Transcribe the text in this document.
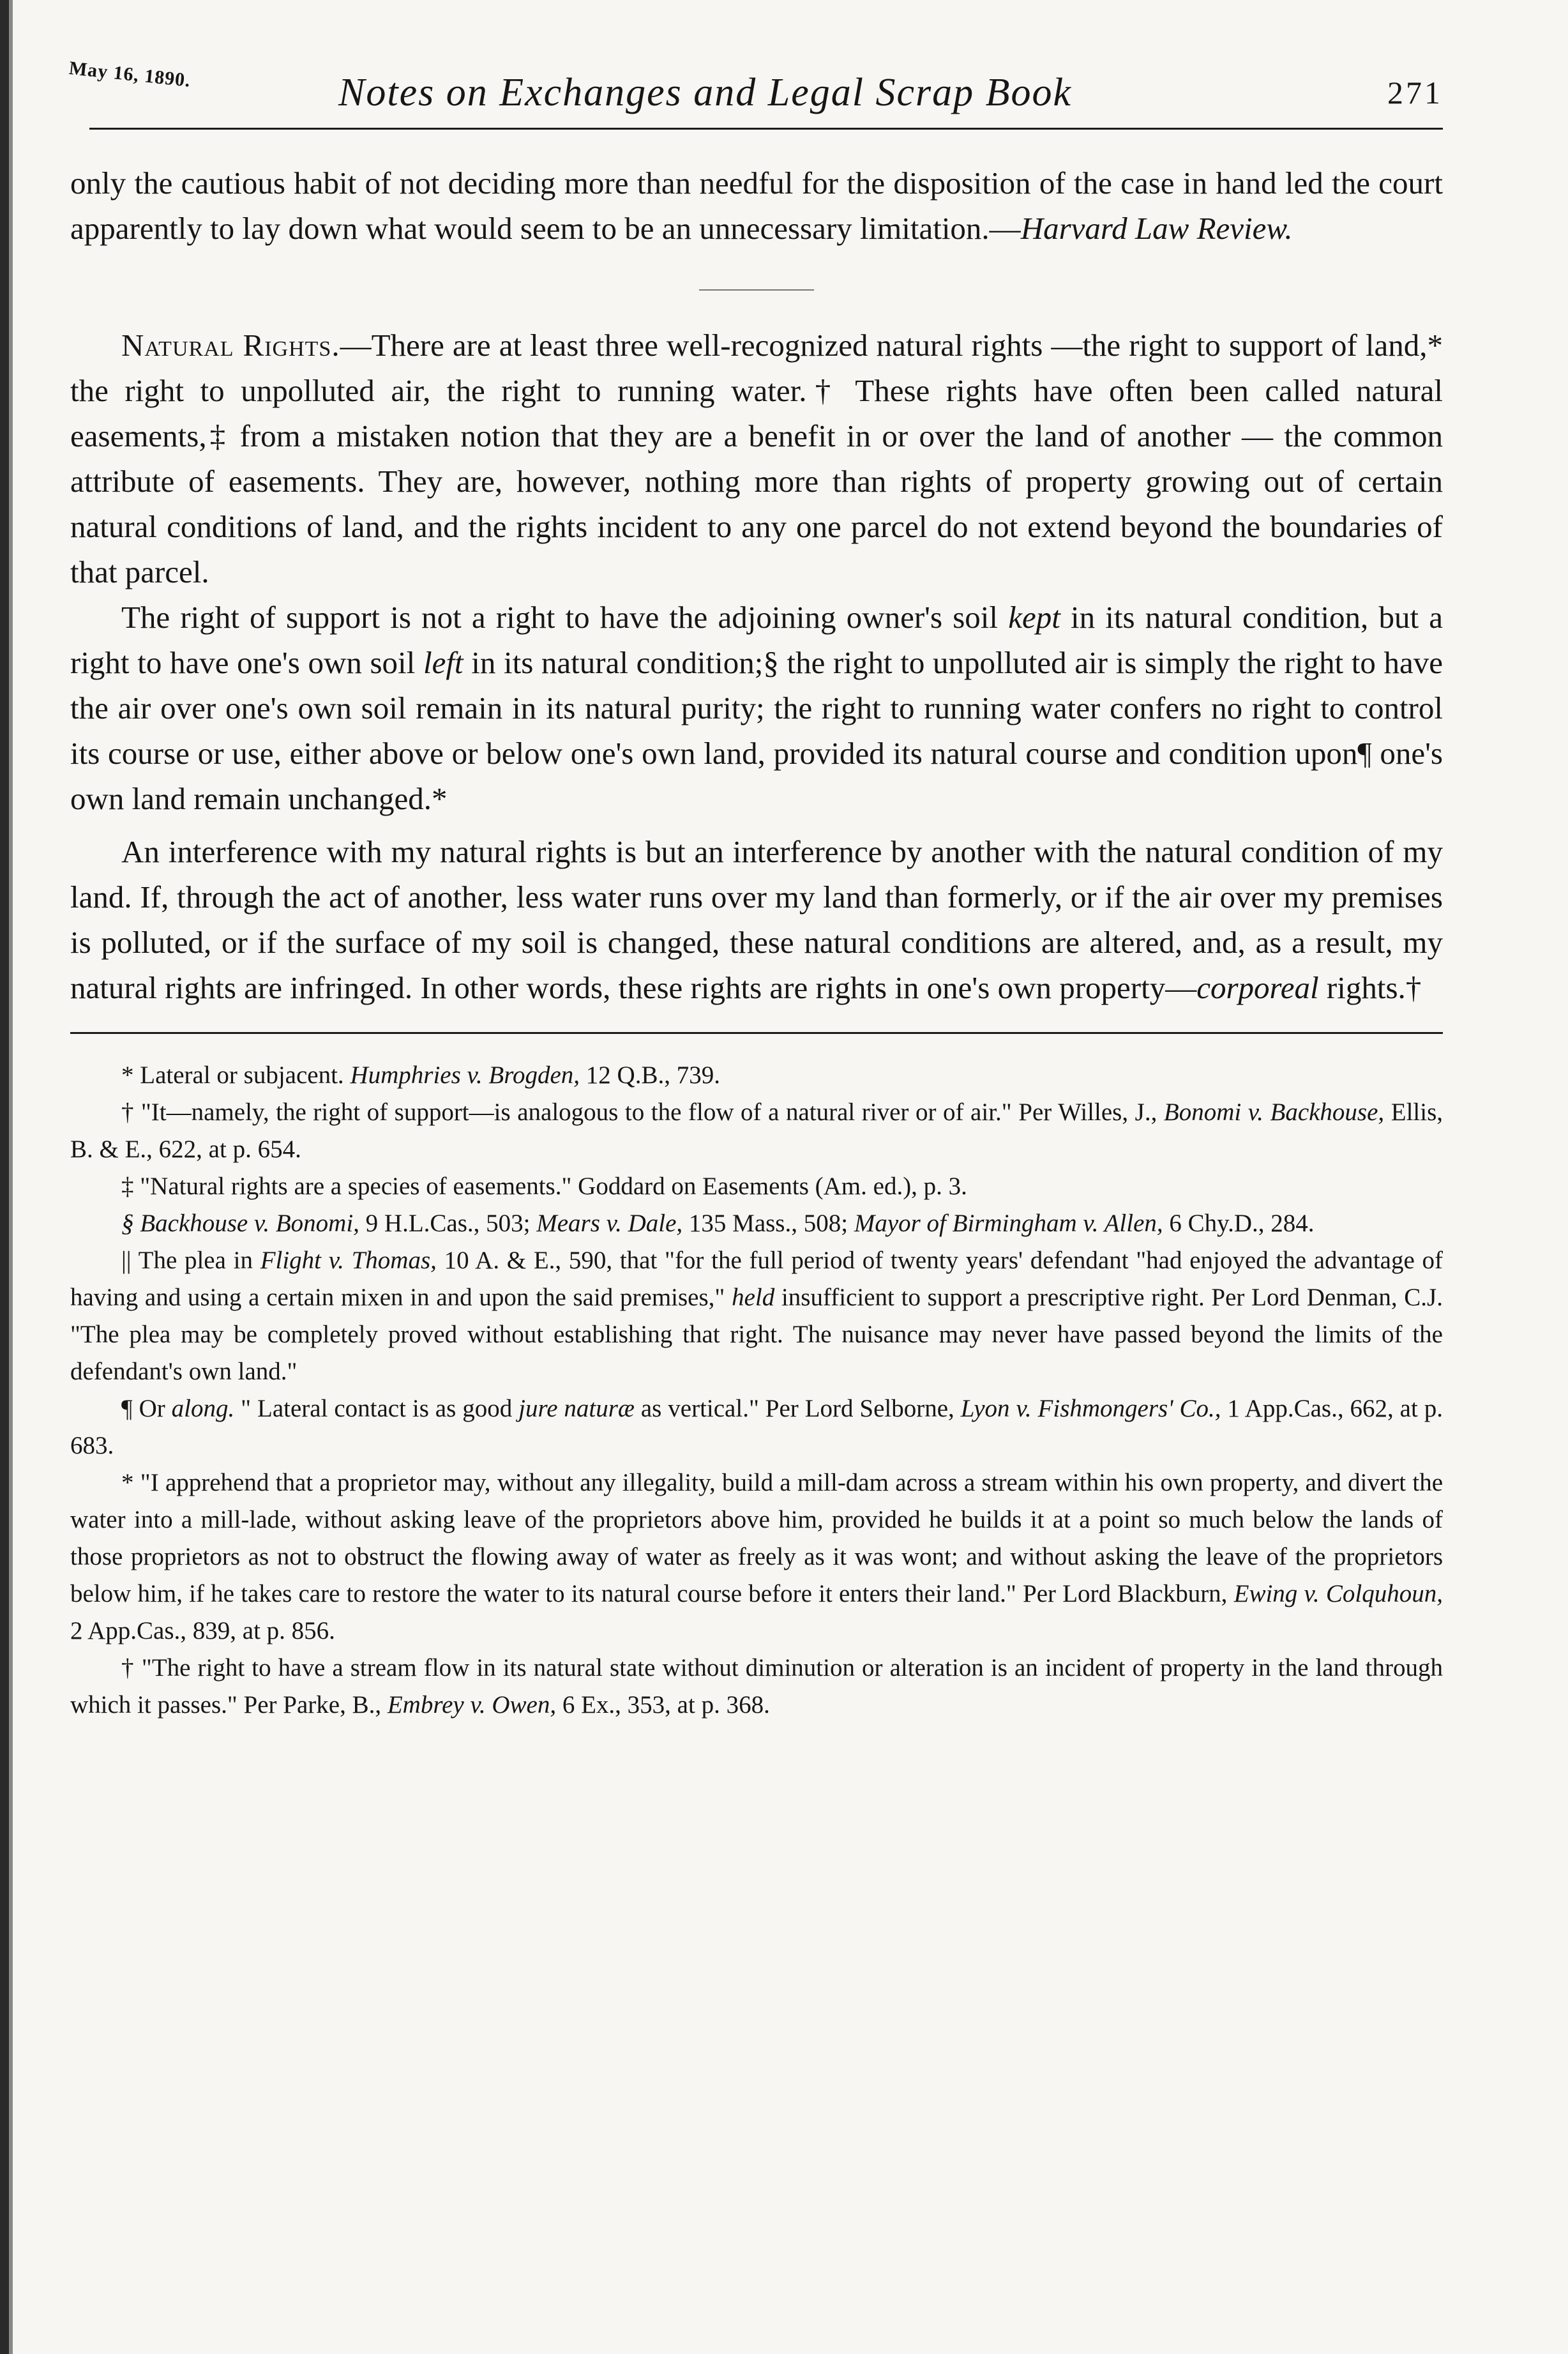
May 16, 1890.	Notes on Exchanges and Legal Scrap Book	271

only the cautious habit of not deciding more than needful for the disposition of the case in hand led the court apparently to lay down what would seem to be an unnecessary limitation.—Harvard Law Review.

Natural Rights.—There are at least three well-recognized natural rights —the right to support of land,* the right to unpolluted air, the right to running water.† These rights have often been called natural easements,‡ from a mistaken notion that they are a benefit in or over the land of another — the common attribute of easements. They are, however, nothing more than rights of property growing out of certain natural conditions of land, and the rights incident to any one parcel do not extend beyond the boundaries of that parcel.

The right of support is not a right to have the adjoining owner's soil kept in its natural condition, but a right to have one's own soil left in its natural condition;§ the right to unpolluted air is simply the right to have the air over one's own soil remain in its natural purity; the right to running water confers no right to control its course or use, either above or below one's own land, provided its natural course and condition upon¶ one's own land remain unchanged.*

An interference with my natural rights is but an interference by another with the natural condition of my land. If, through the act of another, less water runs over my land than formerly, or if the air over my premises is polluted, or if the surface of my soil is changed, these natural conditions are altered, and, as a result, my natural rights are infringed. In other words, these rights are rights in one's own property—corporeal rights.†

* Lateral or subjacent. Humphries v. Brogden, 12 Q.B., 739.

† "It—namely, the right of support—is analogous to the flow of a natural river or of air." Per Willes, J., Bonomi v. Backhouse, Ellis, B. & E., 622, at p. 654.

‡ "Natural rights are a species of easements." Goddard on Easements (Am. ed.), p. 3.

§ Backhouse v. Bonomi, 9 H.L.Cas., 503; Mears v. Dale, 135 Mass., 508; Mayor of Birmingham v. Allen, 6 Chy.D., 284.

|| The plea in Flight v. Thomas, 10 A. & E., 590, that "for the full period of twenty years' defendant "had enjoyed the advantage of having and using a certain mixen in and upon the said premises," held insufficient to support a prescriptive right. Per Lord Denman, C.J. "The plea may be completely proved without establishing that right. The nuisance may never have passed beyond the limits of the defendant's own land."

¶ Or along. " Lateral contact is as good jure naturæ as vertical." Per Lord Selborne, Lyon v. Fishmongers' Co., 1 App.Cas., 662, at p. 683.

* "I apprehend that a proprietor may, without any illegality, build a mill-dam across a stream within his own property, and divert the water into a mill-lade, without asking leave of the proprietors above him, provided he builds it at a point so much below the lands of those proprietors as not to obstruct the flowing away of water as freely as it was wont; and without asking the leave of the proprietors below him, if he takes care to restore the water to its natural course before it enters their land." Per Lord Blackburn, Ewing v. Colquhoun, 2 App.Cas., 839, at p. 856.

† "The right to have a stream flow in its natural state without diminution or alteration is an incident of property in the land through which it passes." Per Parke, B., Embrey v. Owen, 6 Ex., 353, at p. 368.
